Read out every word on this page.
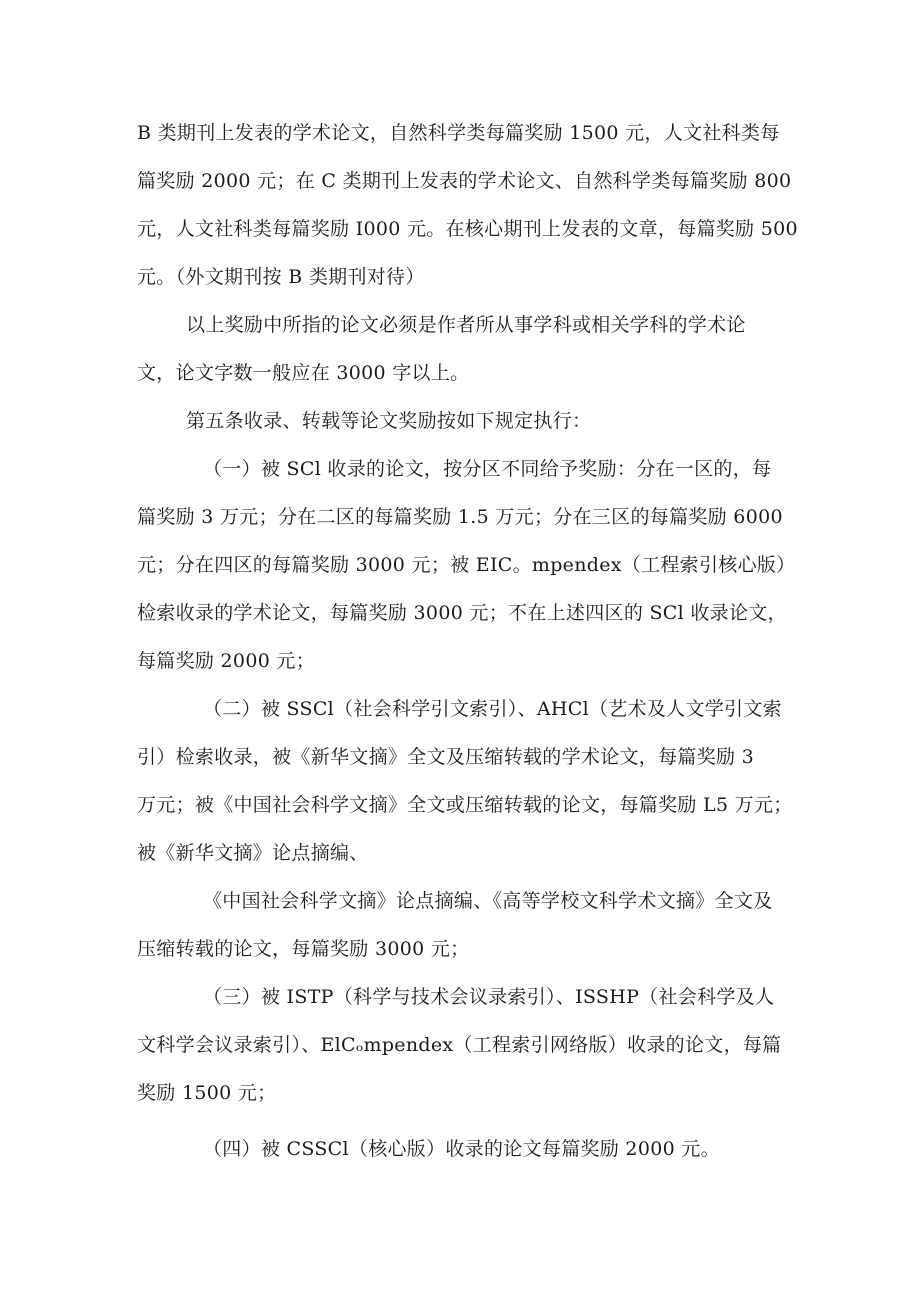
B 类期刊上发表的学术论文，自然科学类每篇奖励 1500 元，人文社科类每
篇奖励 2000 元；在 C 类期刊上发表的学术论文、自然科学类每篇奖励 800
元，人文社科类每篇奖励 I000 元。在核心期刊上发表的文章，每篇奖励 500
元。（外文期刊按 B 类期刊对待）
以上奖励中所指的论文必须是作者所从事学科或相关学科的学术论
文，论文字数一般应在 3000 字以上。
第五条收录、转载等论文奖励按如下规定执行：
（一）被 SCl 收录的论文，按分区不同给予奖励：分在一区的，每
篇奖励 3 万元；分在二区的每篇奖励 1.5 万元；分在三区的每篇奖励 6000
元；分在四区的每篇奖励 3000 元；被 EIC。mpendex（工程索引核心版）
检索收录的学术论文，每篇奖励 3000 元；不在上述四区的 SCl 收录论文，
每篇奖励 2000 元；
（二）被 SSCl（社会科学引文索引）、AHCl（艺术及人文学引文索
引）检索收录，被《新华文摘》全文及压缩转载的学术论文，每篇奖励 3
万元；被《中国社会科学文摘》全文或压缩转载的论文，每篇奖励 L5 万元；
被《新华文摘》论点摘编、
《中国社会科学文摘》论点摘编、《高等学校文科学术文摘》全文及
压缩转载的论文，每篇奖励 3000 元；
（三）被 ISTP（科学与技术会议录索引）、ISSHP（社会科学及人
文科学会议录索引）、ElCₒmpendex（工程索引网络版）收录的论文，每篇
奖励 1500 元；
（四）被 CSSCl（核心版）收录的论文每篇奖励 2000 元。
